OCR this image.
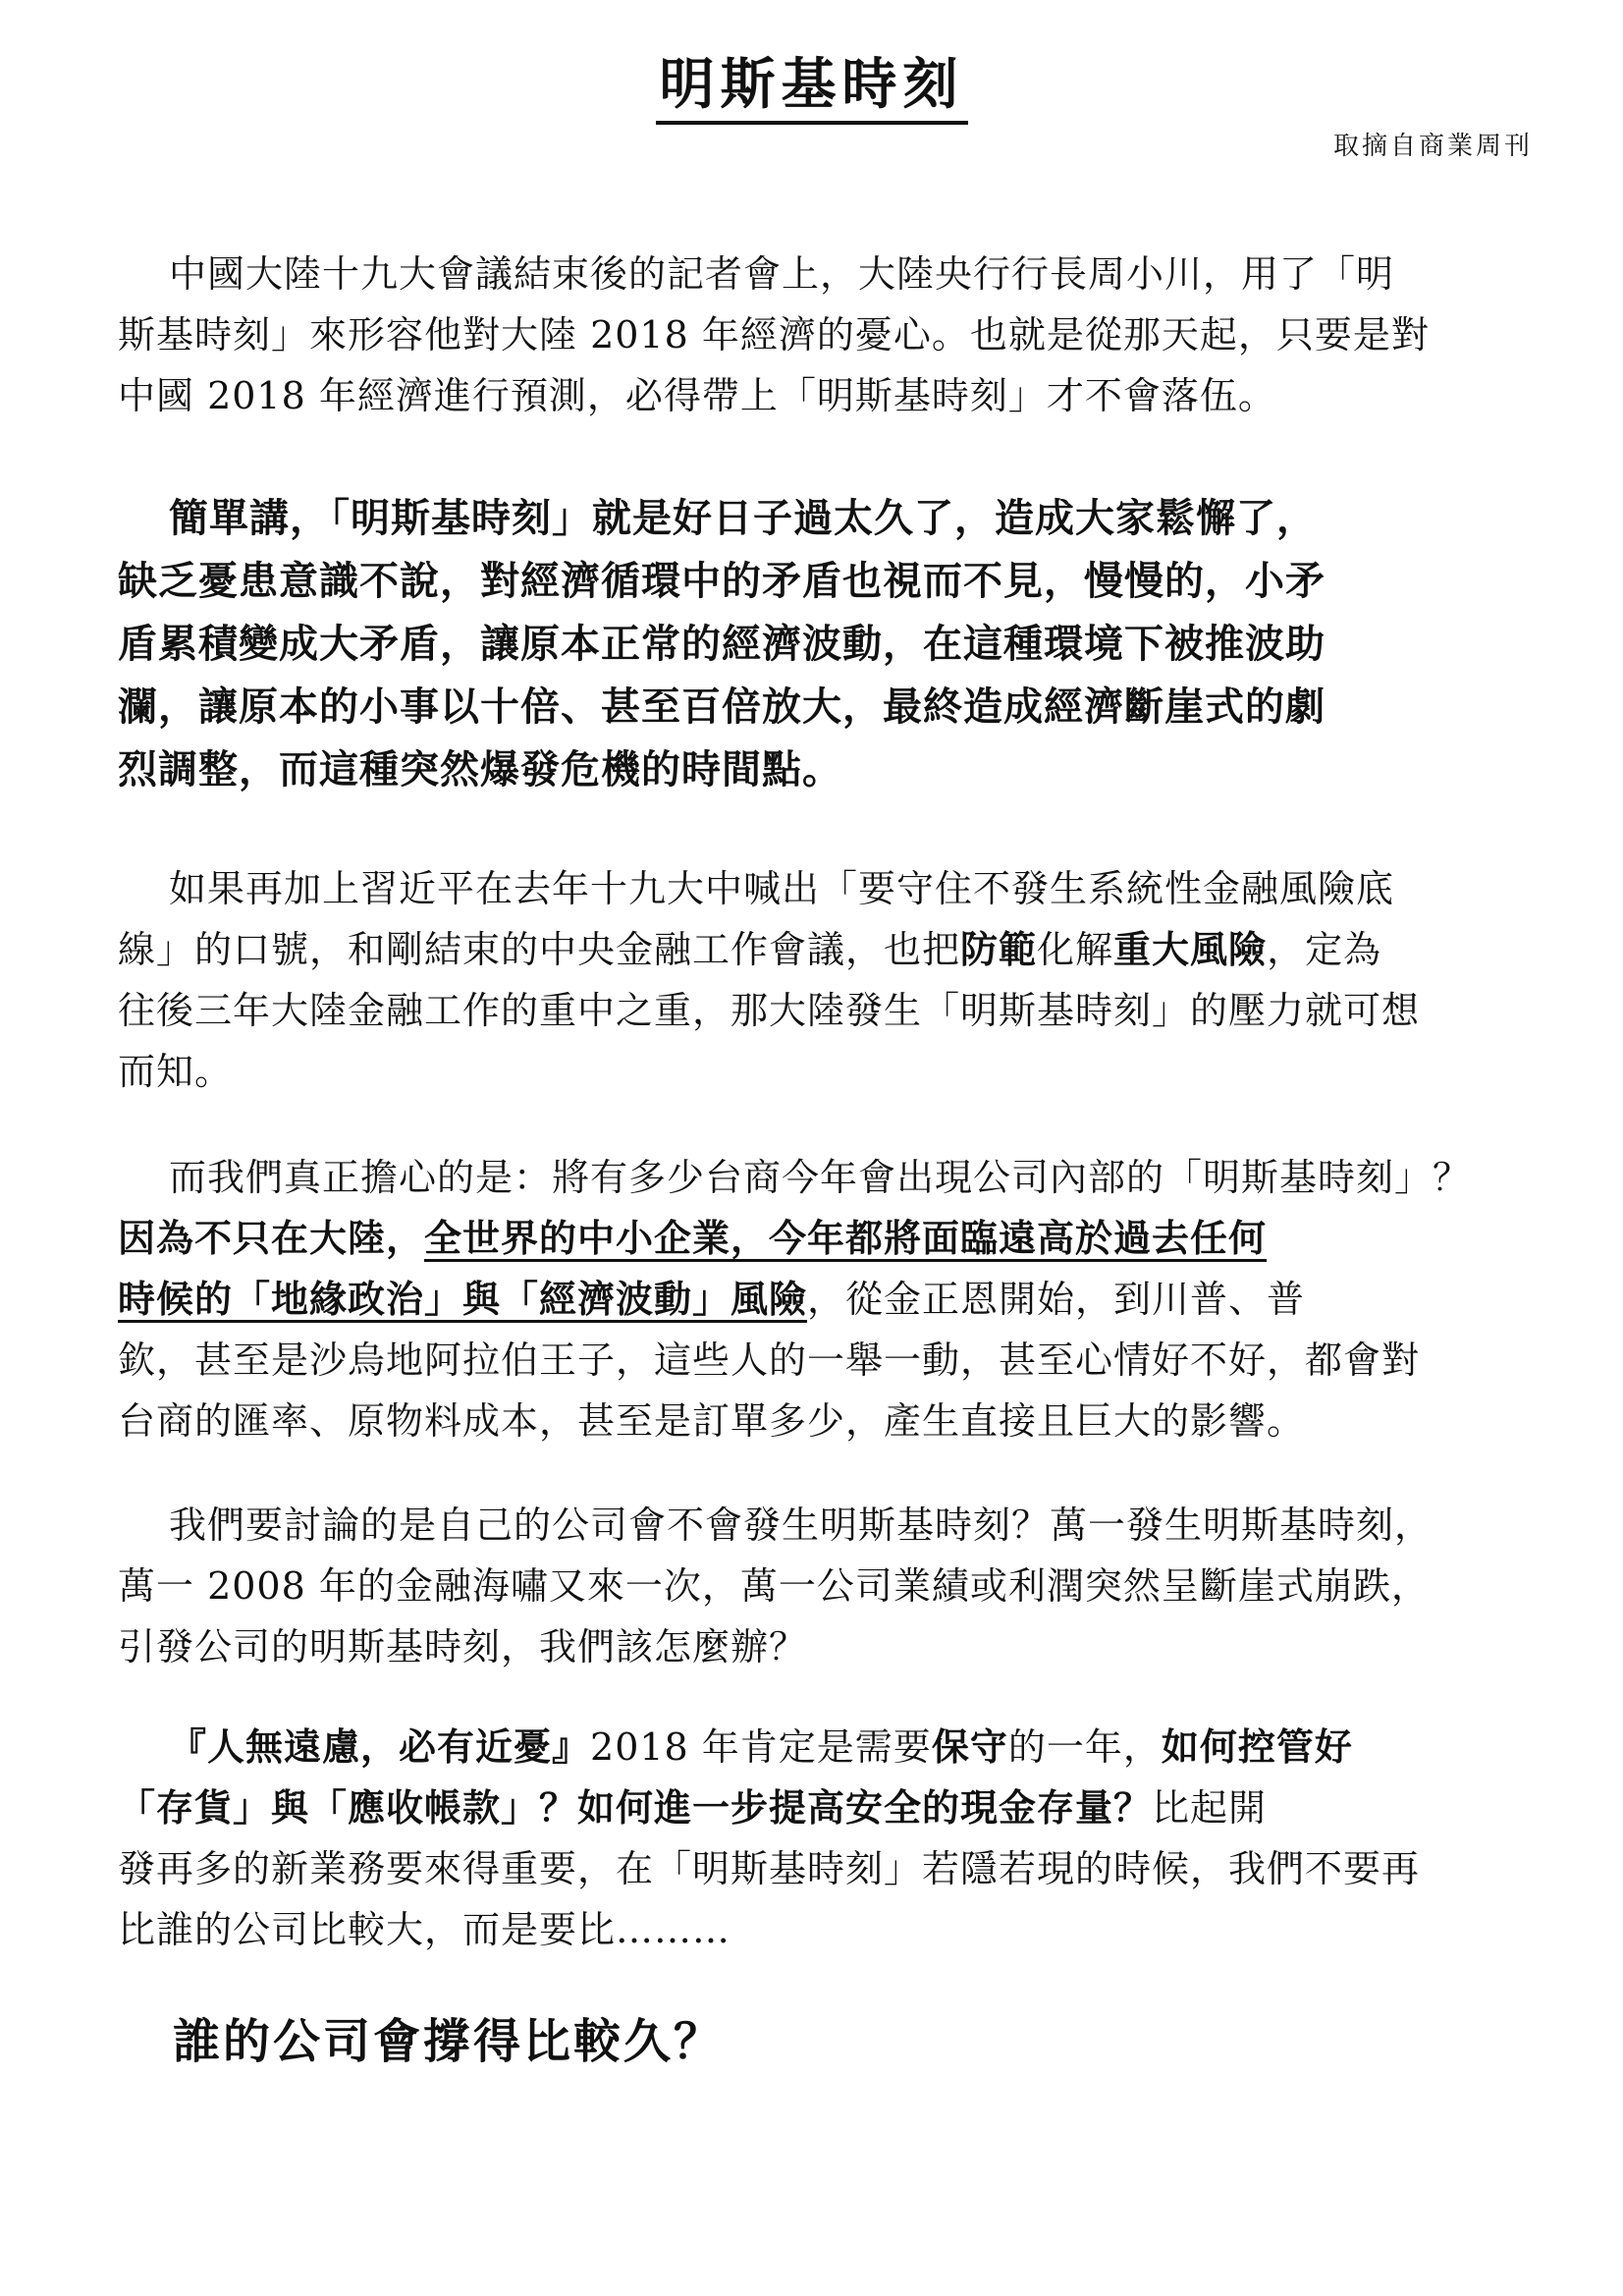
明斯基時刻
取摘自商業周刊
中國大陸十九大會議結束後的記者會上，大陸央行行長周小川，用了「明
斯基時刻」來形容他對大陸 2018 年經濟的憂心。也就是從那天起，只要是對
中國 2018 年經濟進行預測，必得帶上「明斯基時刻」才不會落伍。
簡單講，「明斯基時刻」就是好日子過太久了，造成大家鬆懈了，
缺乏憂患意識不說，對經濟循環中的矛盾也視而不見，慢慢的，小矛
盾累積變成大矛盾，讓原本正常的經濟波動，在這種環境下被推波助
瀾，讓原本的小事以十倍、甚至百倍放大，最終造成經濟斷崖式的劇
烈調整，而這種突然爆發危機的時間點。
如果再加上習近平在去年十九大中喊出「要守住不發生系統性金融風險底
線」的口號，和剛結束的中央金融工作會議，也把防範化解重大風險，定為
往後三年大陸金融工作的重中之重，那大陸發生「明斯基時刻」的壓力就可想
而知。
而我們真正擔心的是：將有多少台商今年會出現公司內部的「明斯基時刻」？
因為不只在大陸，全世界的中小企業，今年都將面臨遠高於過去任何
時候的「地緣政治」與「經濟波動」風險，從金正恩開始，到川普、普
欽，甚至是沙烏地阿拉伯王子，這些人的一舉一動，甚至心情好不好，都會對
台商的匯率、原物料成本，甚至是訂單多少，產生直接且巨大的影響。
我們要討論的是自己的公司會不會發生明斯基時刻？萬一發生明斯基時刻，
萬一 2008 年的金融海嘯又來一次，萬一公司業績或利潤突然呈斷崖式崩跌，
引發公司的明斯基時刻，我們該怎麼辦？
『人無遠慮，必有近憂』2018 年肯定是需要保守的一年，如何控管好
「存貨」與「應收帳款」？如何進一步提高安全的現金存量？比起開
發再多的新業務要來得重要，在「明斯基時刻」若隱若現的時候，我們不要再
比誰的公司比較大，而是要比………
誰的公司會撐得比較久？
